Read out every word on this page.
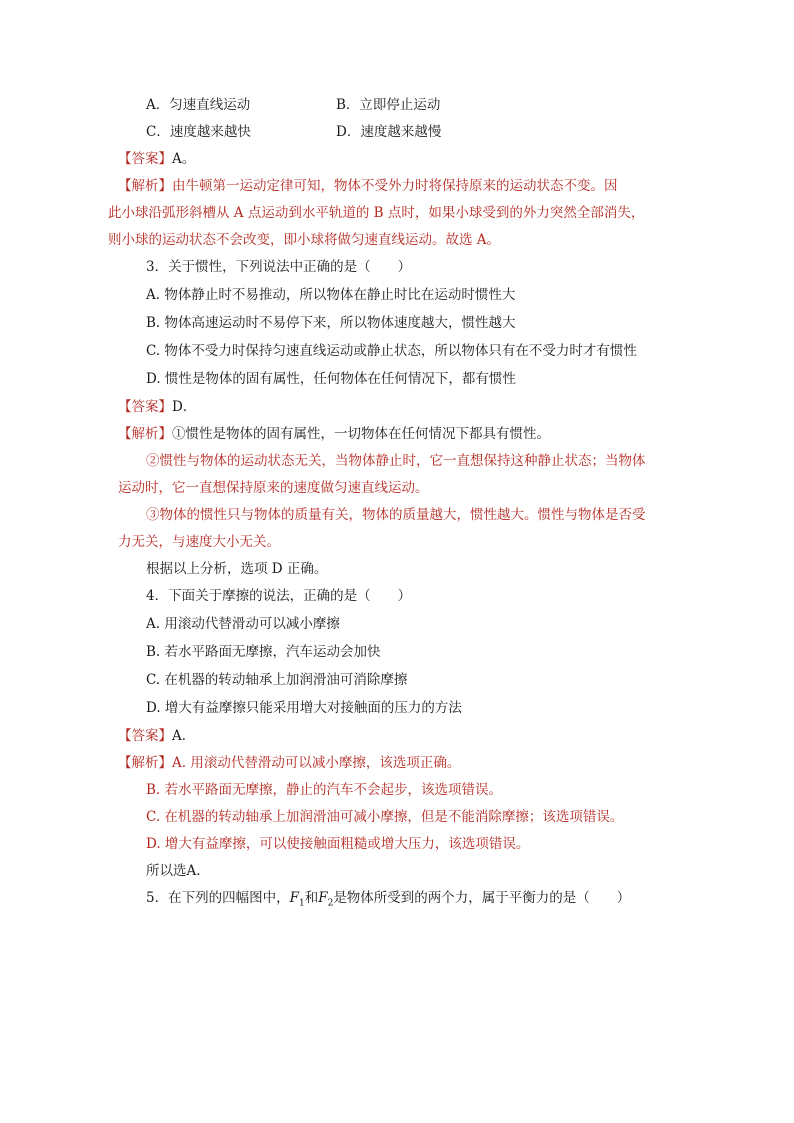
A．匀速直线运动	B．立即停止运动
C．速度越来越快	D．速度越来越慢
【答案】A。
【解析】由牛顿第一运动定律可知，物体不受外力时将保持原来的运动状态不变。因
此小球沿弧形斜槽从 A 点运动到水平轨道的 B 点时，如果小球受到的外力突然全部消失，
则小球的运动状态不会改变，即小球将做匀速直线运动。故选 A。
3．关于惯性，下列说法中正确的是（　　）
A. 物体静止时不易推动，所以物体在静止时比在运动时惯性大
B. 物体高速运动时不易停下来，所以物体速度越大，惯性越大
C. 物体不受力时保持匀速直线运动或静止状态，所以物体只有在不受力时才有惯性
D. 惯性是物体的固有属性，任何物体在任何情况下，都有惯性
【答案】D．
【解析】①惯性是物体的固有属性，一切物体在任何情况下都具有惯性。
②惯性与物体的运动状态无关，当物体静止时，它一直想保持这种静止状态；当物体
运动时，它一直想保持原来的速度做匀速直线运动。
③物体的惯性只与物体的质量有关，物体的质量越大，惯性越大。惯性与物体是否受
力无关，与速度大小无关。
根据以上分析，选项 D 正确。
4．下面关于摩擦的说法，正确的是（　　）
A. 用滚动代替滑动可以减小摩擦
B. 若水平路面无摩擦，汽车运动会加快
C. 在机器的转动轴承上加润滑油可消除摩擦
D. 增大有益摩擦只能采用增大对接触面的压力的方法
【答案】A．
【解析】A. 用滚动代替滑动可以减小摩擦，该选项正确。
B. 若水平路面无摩擦，静止的汽车不会起步，该选项错误。
C. 在机器的转动轴承上加润滑油可减小摩擦，但是不能消除摩擦；该选项错误。
D. 增大有益摩擦，可以使接触面粗糙或增大压力，该选项错误。
所以选A.
5．在下列的四幅图中，$F_1$和$F_2$是物体所受到的两个力，属于平衡力的是（　　）
